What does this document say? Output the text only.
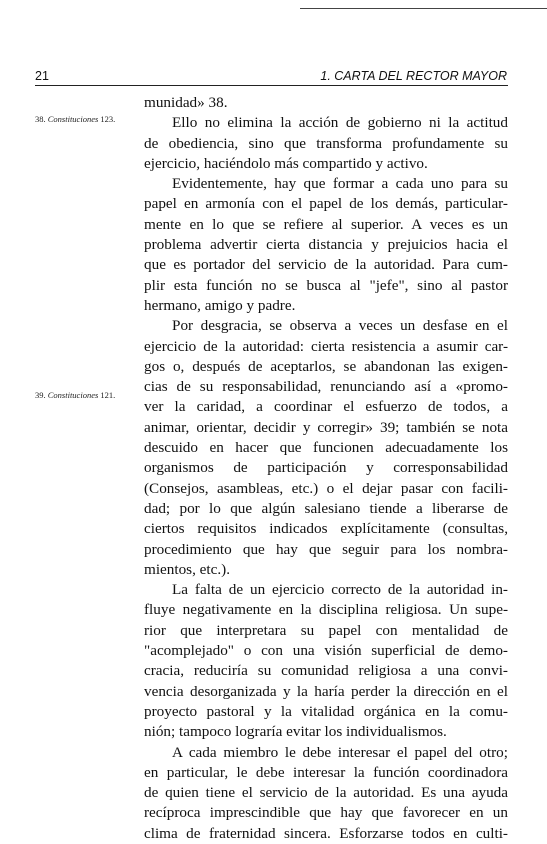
21	1. CARTA DEL RECTOR MAYOR
38. Constituciones 123.
39. Constituciones 121.
munidad» 38.
Ello no elimina la acción de gobierno ni la actitud
de obediencia, sino que transforma profundamente su
ejercicio, haciéndolo más compartido y activo.
Evidentemente, hay que formar a cada uno para su
papel en armonía con el papel de los demás, particular-
mente en lo que se refiere al superior. A veces es un
problema advertir cierta distancia y prejuicios hacia el
que es portador del servicio de la autoridad. Para cum-
plir esta función no se busca al "jefe", sino al pastor
hermano, amigo y padre.
Por desgracia, se observa a veces un desfase en el
ejercicio de la autoridad: cierta resistencia a asumir car-
gos o, después de aceptarlos, se abandonan las exigen-
cias de su responsabilidad, renunciando así a «promo-
ver la caridad, a coordinar el esfuerzo de todos, a
animar, orientar, decidir y corregir» 39; también se nota
descuido en hacer que funcionen adecuadamente los
organismos de participación y corresponsabilidad
(Consejos, asambleas, etc.) o el dejar pasar con facili-
dad; por lo que algún salesiano tiende a liberarse de
ciertos requisitos indicados explícitamente (consultas,
procedimiento que hay que seguir para los nombra-
mientos, etc.).
La falta de un ejercicio correcto de la autoridad in-
fluye negativamente en la disciplina religiosa. Un supe-
rior que interpretara su papel con mentalidad de
"acomplejado" o con una visión superficial de demo-
cracia, reduciría su comunidad religiosa a una convi-
vencia desorganizada y la haría perder la dirección en el
proyecto pastoral y la vitalidad orgánica en la comu-
nión; tampoco lograría evitar los individualismos.
A cada miembro le debe interesar el papel del otro;
en particular, le debe interesar la función coordinadora
de quien tiene el servicio de la autoridad. Es una ayuda
recíproca imprescindible que hay que favorecer en un
clima de fraternidad sincera. Esforzarse todos en culti-
